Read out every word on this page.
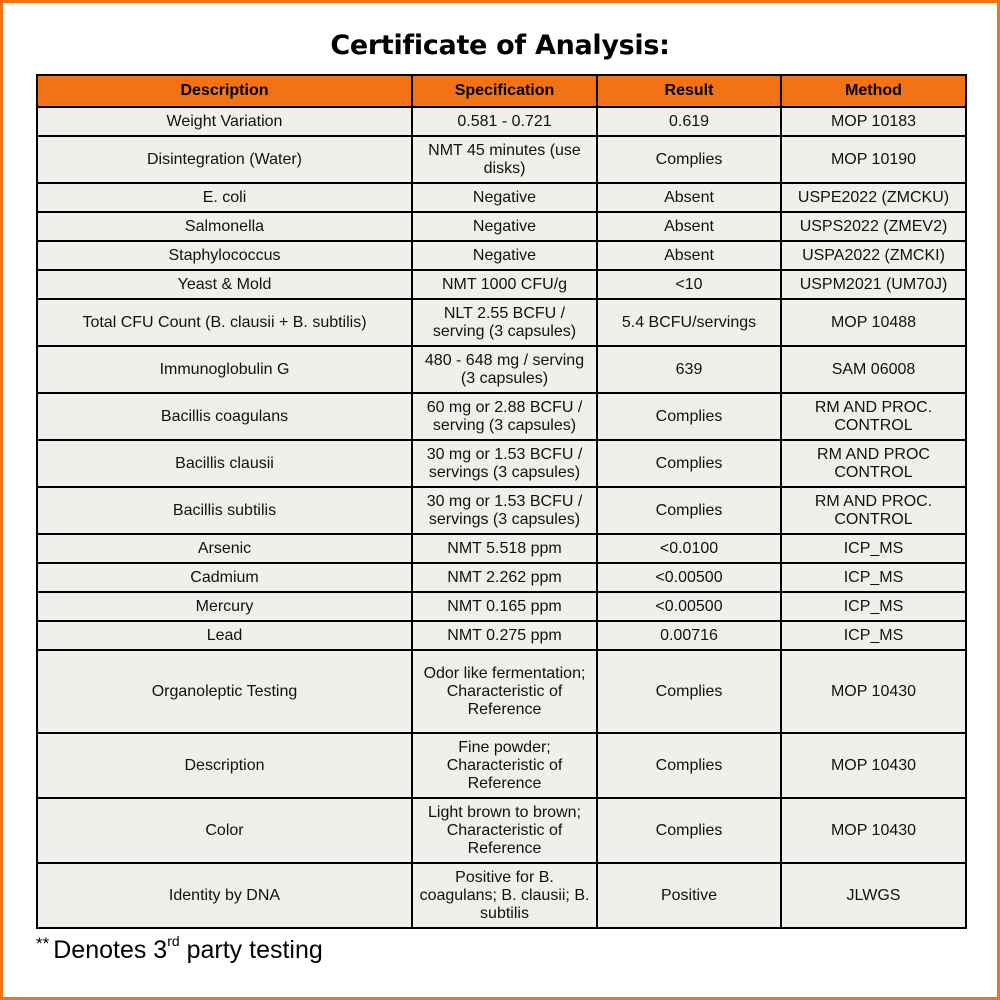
Certificate of Analysis:
Description	Specification	Result	Method
Weight Variation	0.581 - 0.721	0.619	MOP 10183
Disintegration (Water)	NMT 45 minutes (use disks)	Complies	MOP 10190
E. coli	Negative	Absent	USPE2022 (ZMCKU)
Salmonella	Negative	Absent	USPS2022 (ZMEV2)
Staphylococcus	Negative	Absent	USPA2022 (ZMCKI)
Yeast & Mold	NMT 1000 CFU/g	<10	USPM2021 (UM70J)
Total CFU Count (B. clausii + B. subtilis)	NLT 2.55 BCFU / serving (3 capsules)	5.4 BCFU/servings	MOP 10488
Immunoglobulin G	480 - 648 mg / serving (3 capsules)	639	SAM 06008
Bacillis coagulans	60 mg or 2.88 BCFU / serving (3 capsules)	Complies	RM AND PROC. CONTROL
Bacillis clausii	30 mg or 1.53 BCFU / servings (3 capsules)	Complies	RM AND PROC CONTROL
Bacillis subtilis	30 mg or 1.53 BCFU / servings (3 capsules)	Complies	RM AND PROC. CONTROL
Arsenic	NMT 5.518 ppm	<0.0100	ICP_MS
Cadmium	NMT 2.262 ppm	<0.00500	ICP_MS
Mercury	NMT 0.165 ppm	<0.00500	ICP_MS
Lead	NMT 0.275 ppm	0.00716	ICP_MS
Organoleptic Testing	Odor like fermentation; Characteristic of Reference	Complies	MOP 10430
Description	Fine powder; Characteristic of Reference	Complies	MOP 10430
Color	Light brown to brown; Characteristic of Reference	Complies	MOP 10430
Identity by DNA	Positive for B. coagulans; B. clausii; B. subtilis	Positive	JLWGS
** Denotes 3rd party testing
